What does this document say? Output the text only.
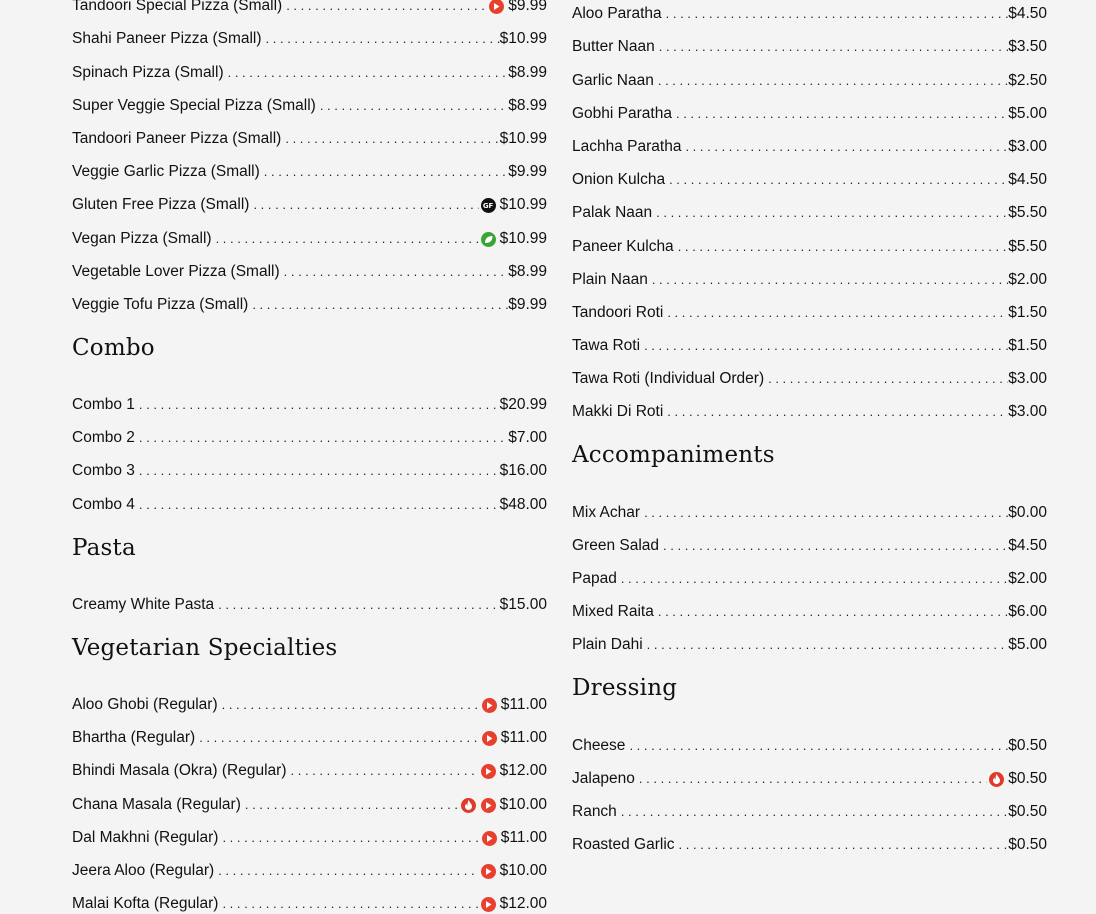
Tandoori Special Pizza (Small) . . .	$9.99
Shahi Paneer Pizza (Small) . . .	$10.99
Spinach Pizza (Small) . . .	$8.99
Super Veggie Special Pizza (Small) . . .	$8.99
Tandoori Paneer Pizza (Small) . . .	$10.99
Veggie Garlic Pizza (Small) . . .	$9.99
Gluten Free Pizza (Small) . . .	GF $10.99
Vegan Pizza (Small) . . .	$10.99
Vegetable Lover Pizza (Small) . . .	$8.99
Veggie Tofu Pizza (Small) . . .	$9.99
Combo
Combo 1 . . .	$20.99
Combo 2 . . .	$7.00
Combo 3 . . .	$16.00
Combo 4 . . .	$48.00
Pasta
Creamy White Pasta . . .	$15.00
Vegetarian Specialties
Aloo Ghobi (Regular) . . .	$11.00
Bhartha (Regular) . . .	$11.00
Bhindi Masala (Okra) (Regular) . . .	$12.00
Chana Masala (Regular) . . .	$10.00
Dal Makhni (Regular) . . .	$11.00
Jeera Aloo (Regular) . . .	$10.00
Malai Kofta (Regular) . . .	$12.00
Aloo Paratha . . .	$4.50
Butter Naan . . .	$3.50
Garlic Naan . . .	$2.50
Gobhi Paratha . . .	$5.00
Lachha Paratha . . .	$3.00
Onion Kulcha . . .	$4.50
Palak Naan . . .	$5.50
Paneer Kulcha . . .	$5.50
Plain Naan . . .	$2.00
Tandoori Roti . . .	$1.50
Tawa Roti . . .	$1.50
Tawa Roti (Individual Order) . . .	$3.00
Makki Di Roti . . .	$3.00
Accompaniments
Mix Achar . . .	$0.00
Green Salad . . .	$4.50
Papad . . .	$2.00
Mixed Raita . . .	$6.00
Plain Dahi . . .	$5.00
Dressing
Cheese . . .	$0.50
Jalapeno . . .	$0.50
Ranch . . .	$0.50
Roasted Garlic . . .	$0.50
